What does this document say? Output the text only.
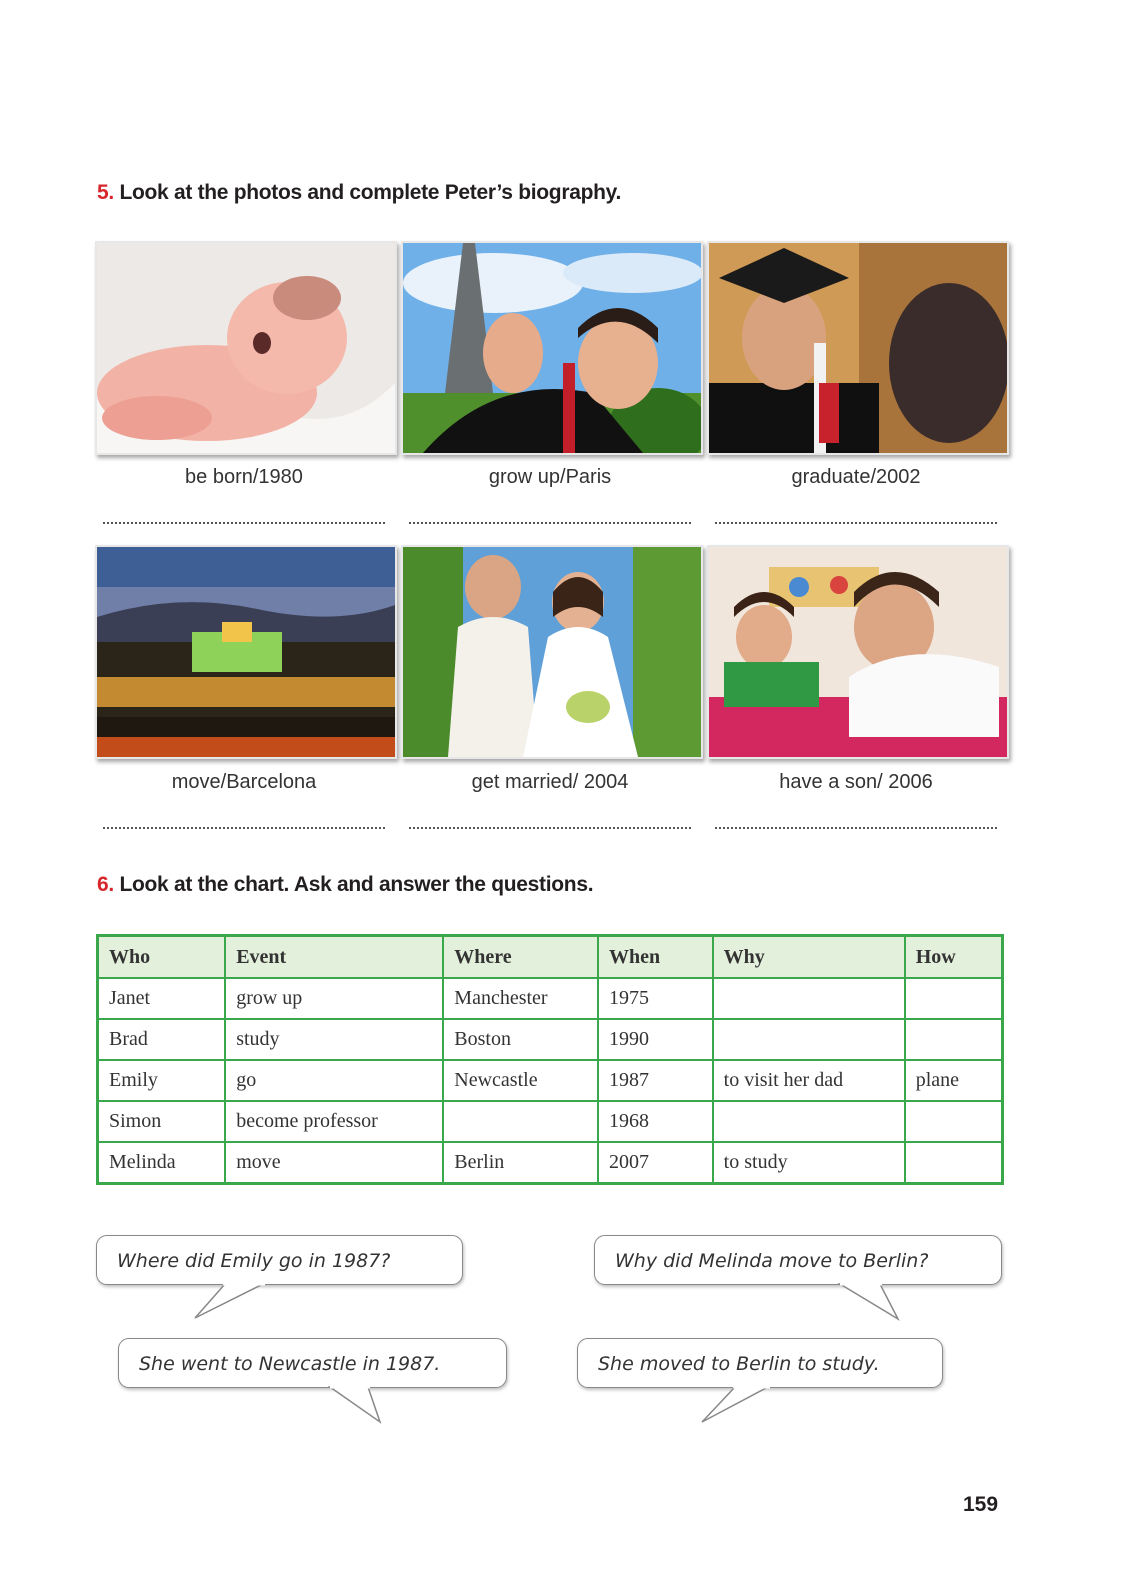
5. Look at the photos and complete Peter’s biography.
be born/1980	grow up/Paris	graduate/2002
move/Barcelona	get married/ 2004	have a son/ 2006
6. Look at the chart. Ask and answer the questions.
Who	Event	Where	When	Why	How
Janet	grow up	Manchester	1975		
Brad	study	Boston	1990		
Emily	go	Newcastle	1987	to visit her dad	plane
Simon	become professor		1968		
Melinda	move	Berlin	2007	to study	
Where did Emily go in 1987?
She went to Newcastle in 1987.
Why did Melinda move to Berlin?
She moved to Berlin to study.
159
